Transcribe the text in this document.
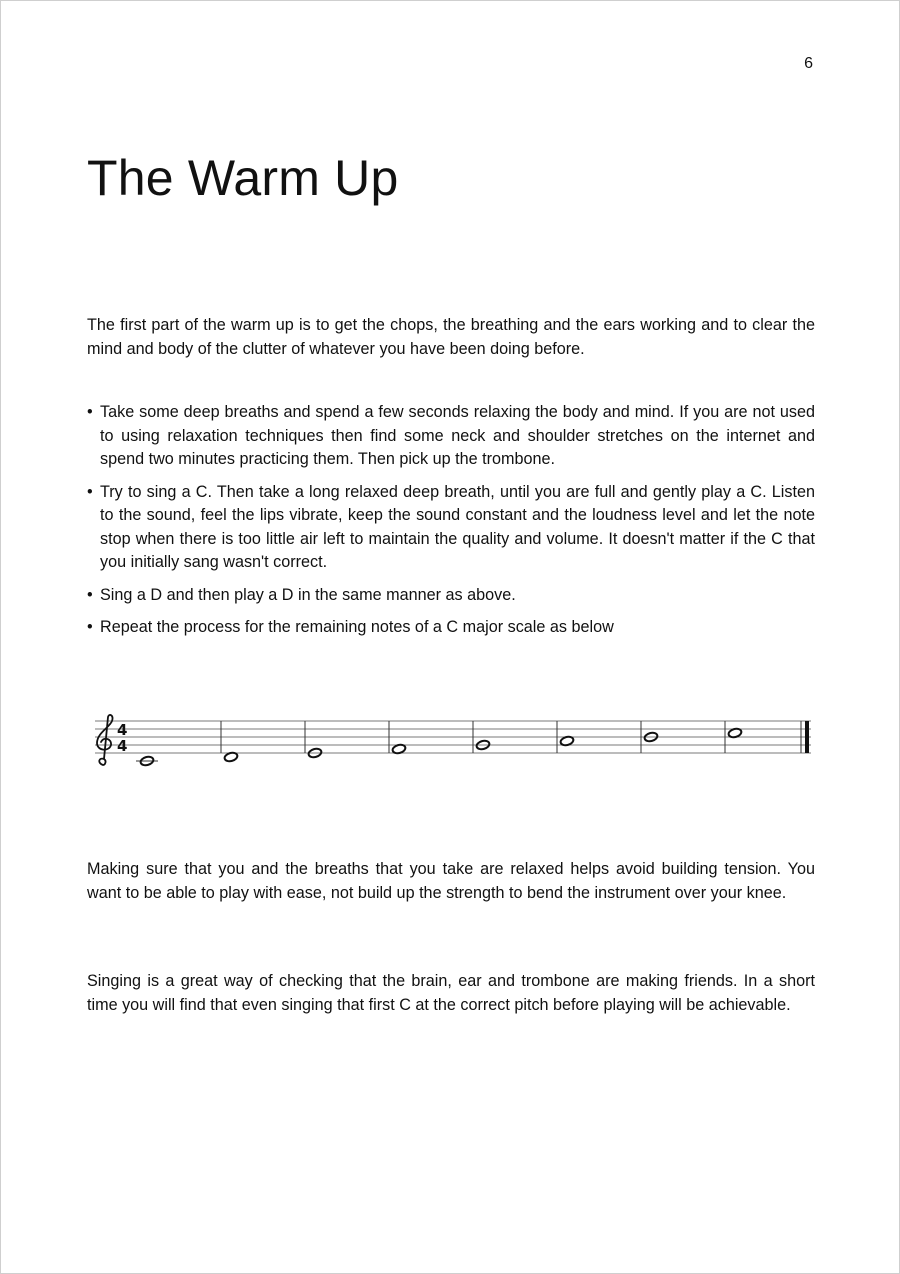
6
The Warm Up

The first part of the warm up is to get the chops, the breathing and the ears working and to clear the mind and body of the clutter of whatever you have been doing before.

• Take some deep breaths and spend a few seconds relaxing the body and mind. If you are not used to using relaxation techniques then find some neck and shoulder stretches on the internet and spend two minutes practicing them. Then pick up the trombone.
• Try to sing a C. Then take a long relaxed deep breath, until you are full and gently play a C. Listen to the sound, feel the lips vibrate, keep the sound constant and the loudness level and let the note stop when there is too little air left to maintain the quality and volume. It doesn't matter if the C that you initially sang wasn't correct.
• Sing a D and then play a D in the same manner as above.
• Repeat the process for the remaining notes of a C major scale as below
4
4

Making sure that you and the breaths that you take are relaxed helps avoid building tension. You want to be able to play with ease, not build up the strength to bend the instrument over your knee.

Singing is a great way of checking that the brain, ear and trombone are making friends. In a short time you will find that even singing that first C at the correct pitch before playing will be achievable.
